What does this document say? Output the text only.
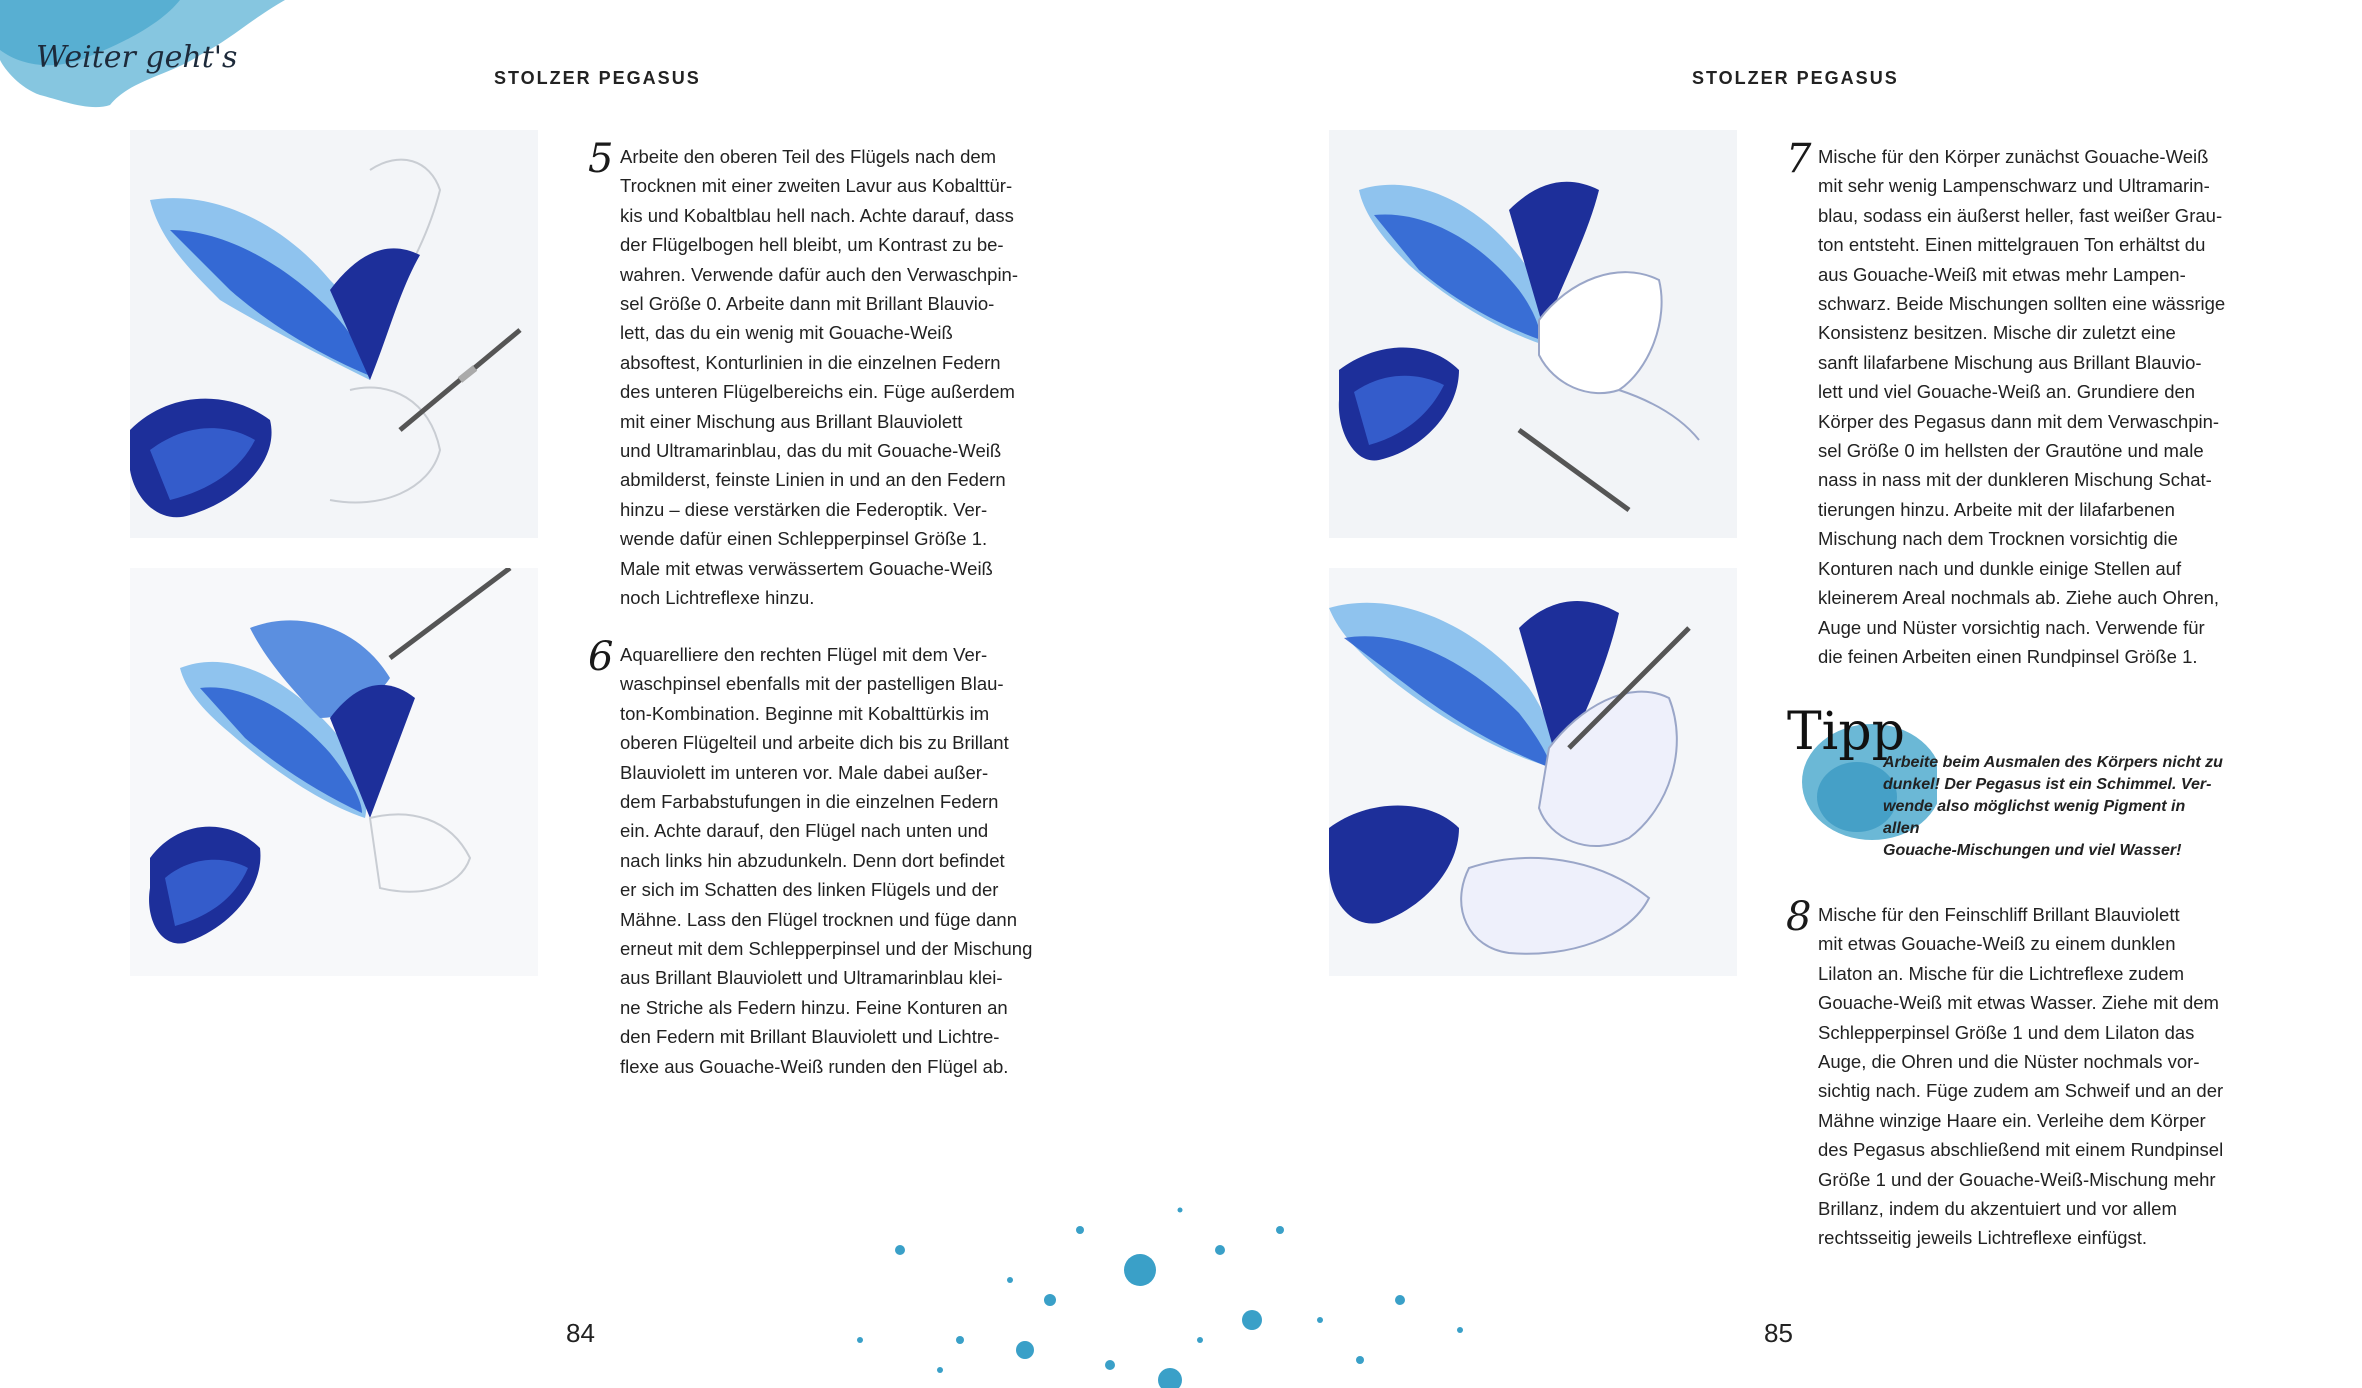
Weiter geht's
STOLZER PEGASUS
5 Arbeite den oberen Teil des Flügels nach dem
Trocknen mit einer zweiten Lavur aus Kobalttür-
kis und Kobaltblau hell nach. Achte darauf, dass
der Flügelbogen hell bleibt, um Kontrast zu be-
wahren. Verwende dafür auch den Verwaschpin-
sel Größe 0. Arbeite dann mit Brillant Blauvio-
lett, das du ein wenig mit Gouache-Weiß
absoftest, Konturlinien in die einzelnen Federn
des unteren Flügelbereichs ein. Füge außerdem
mit einer Mischung aus Brillant Blauviolett
und Ultramarinblau, das du mit Gouache-Weiß
abmilderst, feinste Linien in und an den Federn
hinzu – diese verstärken die Federoptik. Ver-
wende dafür einen Schlepperpinsel Größe 1.
Male mit etwas verwässertem Gouache-Weiß
noch Lichtreflexe hinzu.

6 Aquarelliere den rechten Flügel mit dem Ver-
waschpinsel ebenfalls mit der pastelligen Blau-
ton-Kombination. Beginne mit Kobalttürkis im
oberen Flügelteil und arbeite dich bis zu Brillant
Blauviolett im unteren vor. Male dabei außer-
dem Farbabstufungen in die einzelnen Federn
ein. Achte darauf, den Flügel nach unten und
nach links hin abzudunkeln. Denn dort befindet
er sich im Schatten des linken Flügels und der
Mähne. Lass den Flügel trocknen und füge dann
erneut mit dem Schlepperpinsel und der Mischung
aus Brillant Blauviolett und Ultramarinblau klei-
ne Striche als Federn hinzu. Feine Konturen an
den Federn mit Brillant Blauviolett und Lichtre-
flexe aus Gouache-Weiß runden den Flügel ab.

84
STOLZER PEGASUS
7 Mische für den Körper zunächst Gouache-Weiß
mit sehr wenig Lampenschwarz und Ultramarin-
blau, sodass ein äußerst heller, fast weißer Grau-
ton entsteht. Einen mittelgrauen Ton erhältst du
aus Gouache-Weiß mit etwas mehr Lampen-
schwarz. Beide Mischungen sollten eine wässrige
Konsistenz besitzen. Mische dir zuletzt eine
sanft lilafarbene Mischung aus Brillant Blauvio-
lett und viel Gouache-Weiß an. Grundiere den
Körper des Pegasus dann mit dem Verwaschpin-
sel Größe 0 im hellsten der Grautöne und male
nass in nass mit der dunkleren Mischung Schat-
tierungen hinzu. Arbeite mit der lilafarbenen
Mischung nach dem Trocknen vorsichtig die
Konturen nach und dunkle einige Stellen auf
kleinerem Areal nochmals ab. Ziehe auch Ohren,
Auge und Nüster vorsichtig nach. Verwende für
die feinen Arbeiten einen Rundpinsel Größe 1.

Tipp

Arbeite beim Ausmalen des Körpers nicht zu
dunkel! Der Pegasus ist ein Schimmel. Ver-
wende also möglichst wenig Pigment in allen
Gouache-Mischungen und viel Wasser!

8 Mische für den Feinschliff Brillant Blauviolett
mit etwas Gouache-Weiß zu einem dunklen
Lilaton an. Mische für die Lichtreflexe zudem
Gouache-Weiß mit etwas Wasser. Ziehe mit dem
Schlepperpinsel Größe 1 und dem Lilaton das
Auge, die Ohren und die Nüster nochmals vor-
sichtig nach. Füge zudem am Schweif und an der
Mähne winzige Haare ein. Verleihe dem Körper
des Pegasus abschließend mit einem Rundpinsel
Größe 1 und der Gouache-Weiß-Mischung mehr
Brillanz, indem du akzentuiert und vor allem
rechtsseitig jeweils Lichtreflexe einfügst.

85
